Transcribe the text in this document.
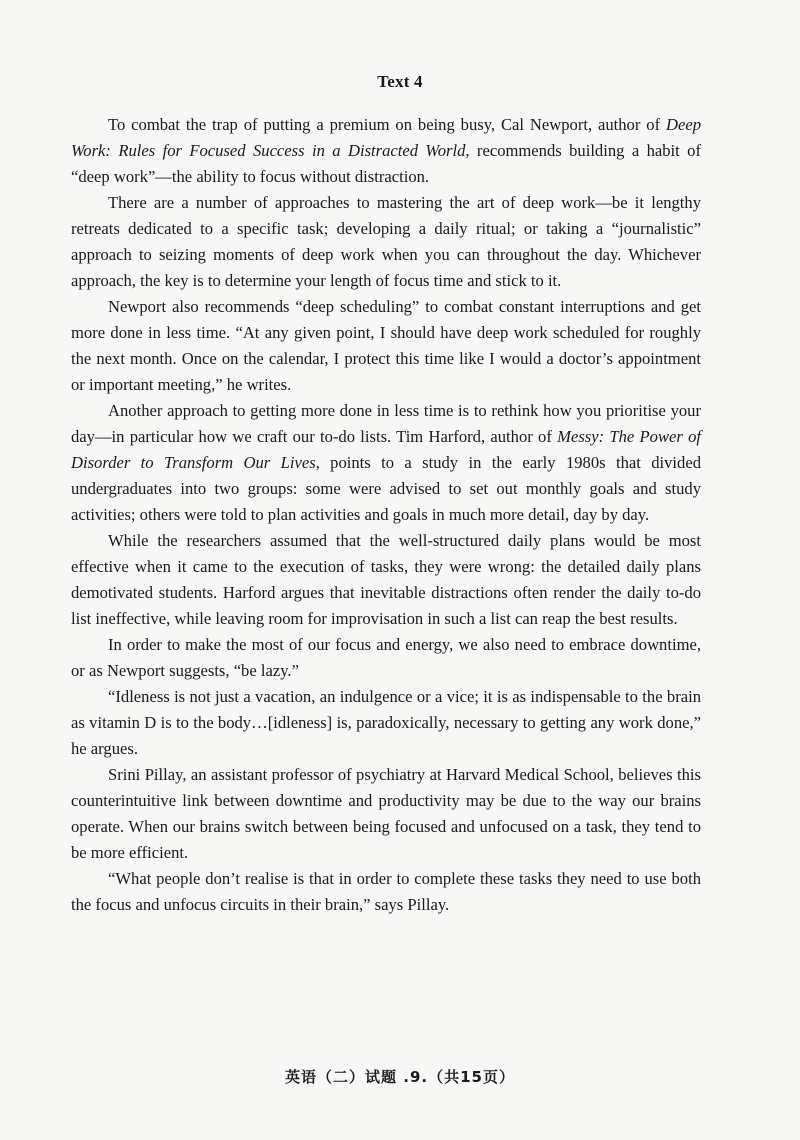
Text 4

To combat the trap of putting a premium on being busy, Cal Newport, author of Deep Work: Rules for Focused Success in a Distracted World, recommends building a habit of “deep work”—the ability to focus without distraction.

There are a number of approaches to mastering the art of deep work—be it lengthy retreats dedicated to a specific task; developing a daily ritual; or taking a “journalistic” approach to seizing moments of deep work when you can throughout the day. Whichever approach, the key is to determine your length of focus time and stick to it.

Newport also recommends “deep scheduling” to combat constant interruptions and get more done in less time. “At any given point, I should have deep work scheduled for roughly the next month. Once on the calendar, I protect this time like I would a doctor’s appointment or important meeting,” he writes.

Another approach to getting more done in less time is to rethink how you prioritise your day—in particular how we craft our to-do lists. Tim Harford, author of Messy: The Power of Disorder to Transform Our Lives, points to a study in the early 1980s that divided undergraduates into two groups: some were advised to set out monthly goals and study activities; others were told to plan activities and goals in much more detail, day by day.

While the researchers assumed that the well-structured daily plans would be most effective when it came to the execution of tasks, they were wrong: the detailed daily plans demotivated students. Harford argues that inevitable distractions often render the daily to-do list ineffective, while leaving room for improvisation in such a list can reap the best results.

In order to make the most of our focus and energy, we also need to embrace downtime, or as Newport suggests, “be lazy.”

“Idleness is not just a vacation, an indulgence or a vice; it is as indispensable to the brain as vitamin D is to the body…[idleness] is, paradoxically, necessary to getting any work done,” he argues.

Srini Pillay, an assistant professor of psychiatry at Harvard Medical School, believes this counterintuitive link between downtime and productivity may be due to the way our brains operate. When our brains switch between being focused and unfocused on a task, they tend to be more efficient.

“What people don’t realise is that in order to complete these tasks they need to use both the focus and unfocus circuits in their brain,” says Pillay.

英语（二）试题 .9.（共15页）
